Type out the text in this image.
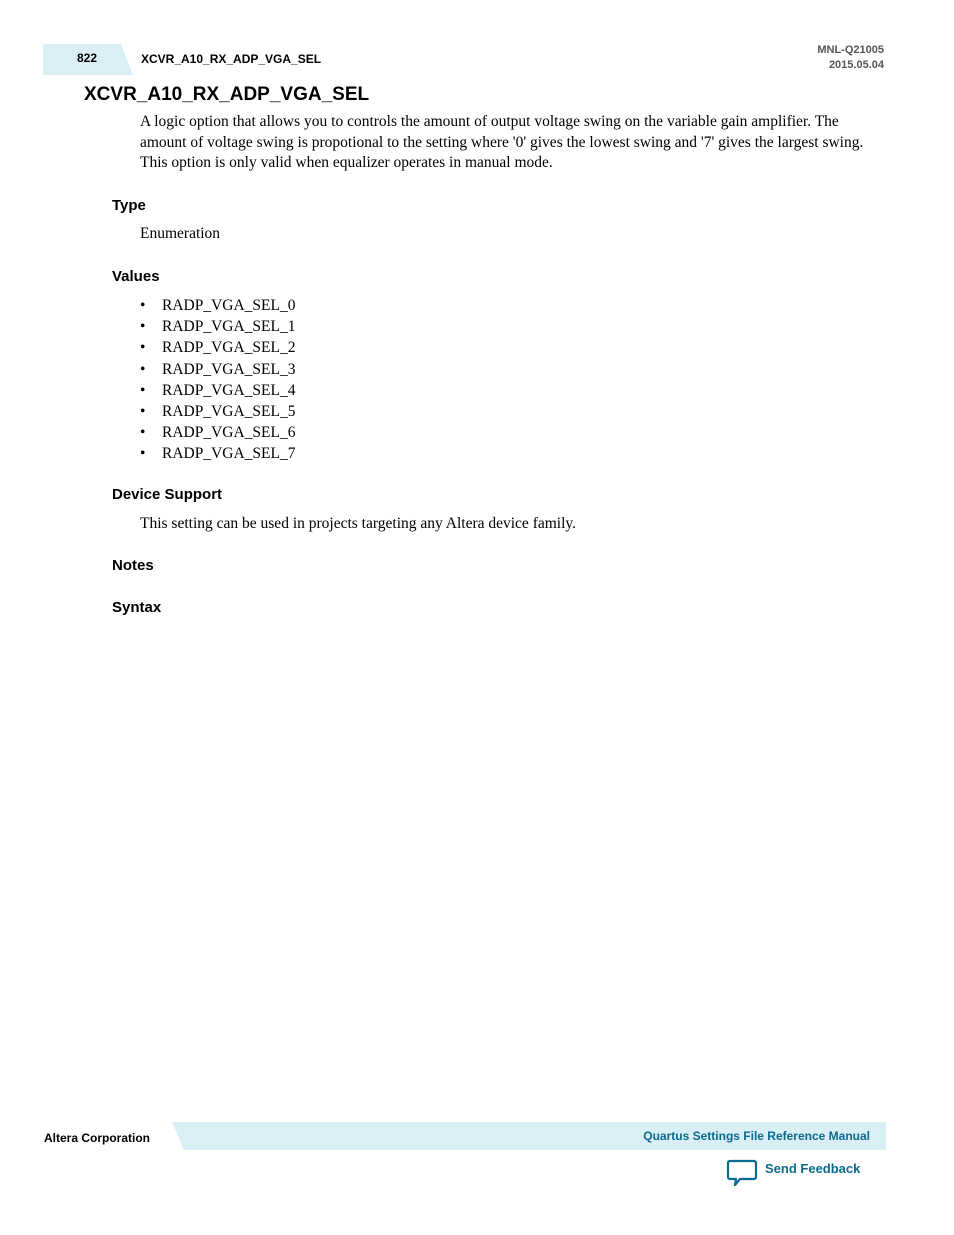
822	XCVR_A10_RX_ADP_VGA_SEL
MNL-Q21005
2015.05.04
XCVR_A10_RX_ADP_VGA_SEL

A logic option that allows you to controls the amount of output voltage swing on the variable gain amplifier. The amount of voltage swing is propotional to the setting where '0' gives the lowest swing and '7' gives the largest swing. This option is only valid when equalizer operates in manual mode.

Type

Enumeration

Values
• RADP_VGA_SEL_0
• RADP_VGA_SEL_1
• RADP_VGA_SEL_2
• RADP_VGA_SEL_3
• RADP_VGA_SEL_4
• RADP_VGA_SEL_5
• RADP_VGA_SEL_6
• RADP_VGA_SEL_7
Device Support

This setting can be used in projects targeting any Altera device family.

Notes
Syntax
Altera Corporation	Quartus Settings File Reference Manual
Send Feedback
